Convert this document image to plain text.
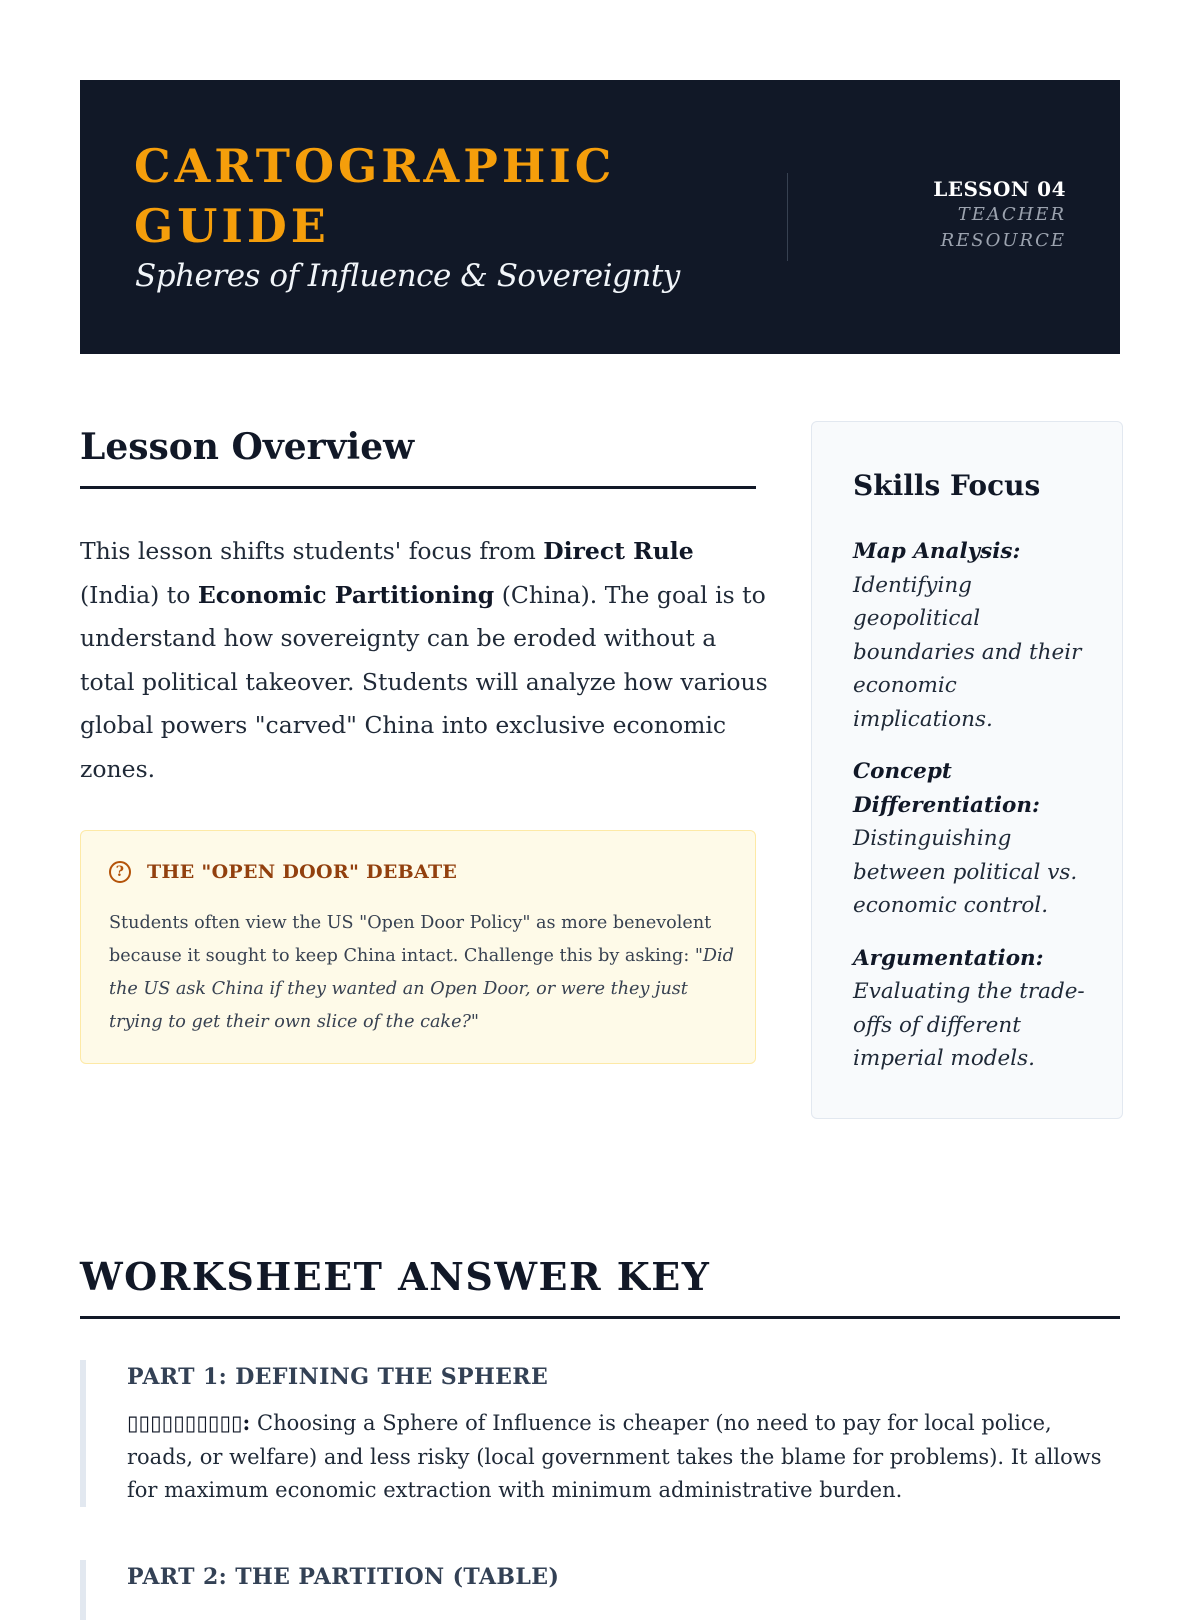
CARTOGRAPHIC GUIDE
Spheres of Influence & Sovereignty
LESSON 04
TEACHER RESOURCE
Lesson Overview

This lesson shifts students' focus from Direct Rule (India) to Economic Partitioning (China). The goal is to understand how sovereignty can be eroded without a total political takeover. Students will analyze how various global powers "carved" China into exclusive economic zones.

?	THE "OPEN DOOR" DEBATE

Students often view the US "Open Door Policy" as more benevolent because it sought to keep China intact. Challenge this by asking: "Did the US ask China if they wanted an Open Door, or were they just trying to get their own slice of the cake?"

Skills Focus
Map Analysis: Identifying geopolitical boundaries and their economic implications.
Concept Differentiation: Distinguishing between political vs. economic control.
Argumentation: Evaluating the trade-offs of different imperial models.
WORKSHEET ANSWER KEY
PART 1: DEFINING THE SPHERE

▯▯▯▯▯▯▯▯▯▯: Choosing a Sphere of Influence is cheaper (no need to pay for local police, roads, or welfare) and less risky (local government takes the blame for problems). It allows for maximum economic extraction with minimum administrative burden.

PART 2: THE PARTITION (TABLE)
